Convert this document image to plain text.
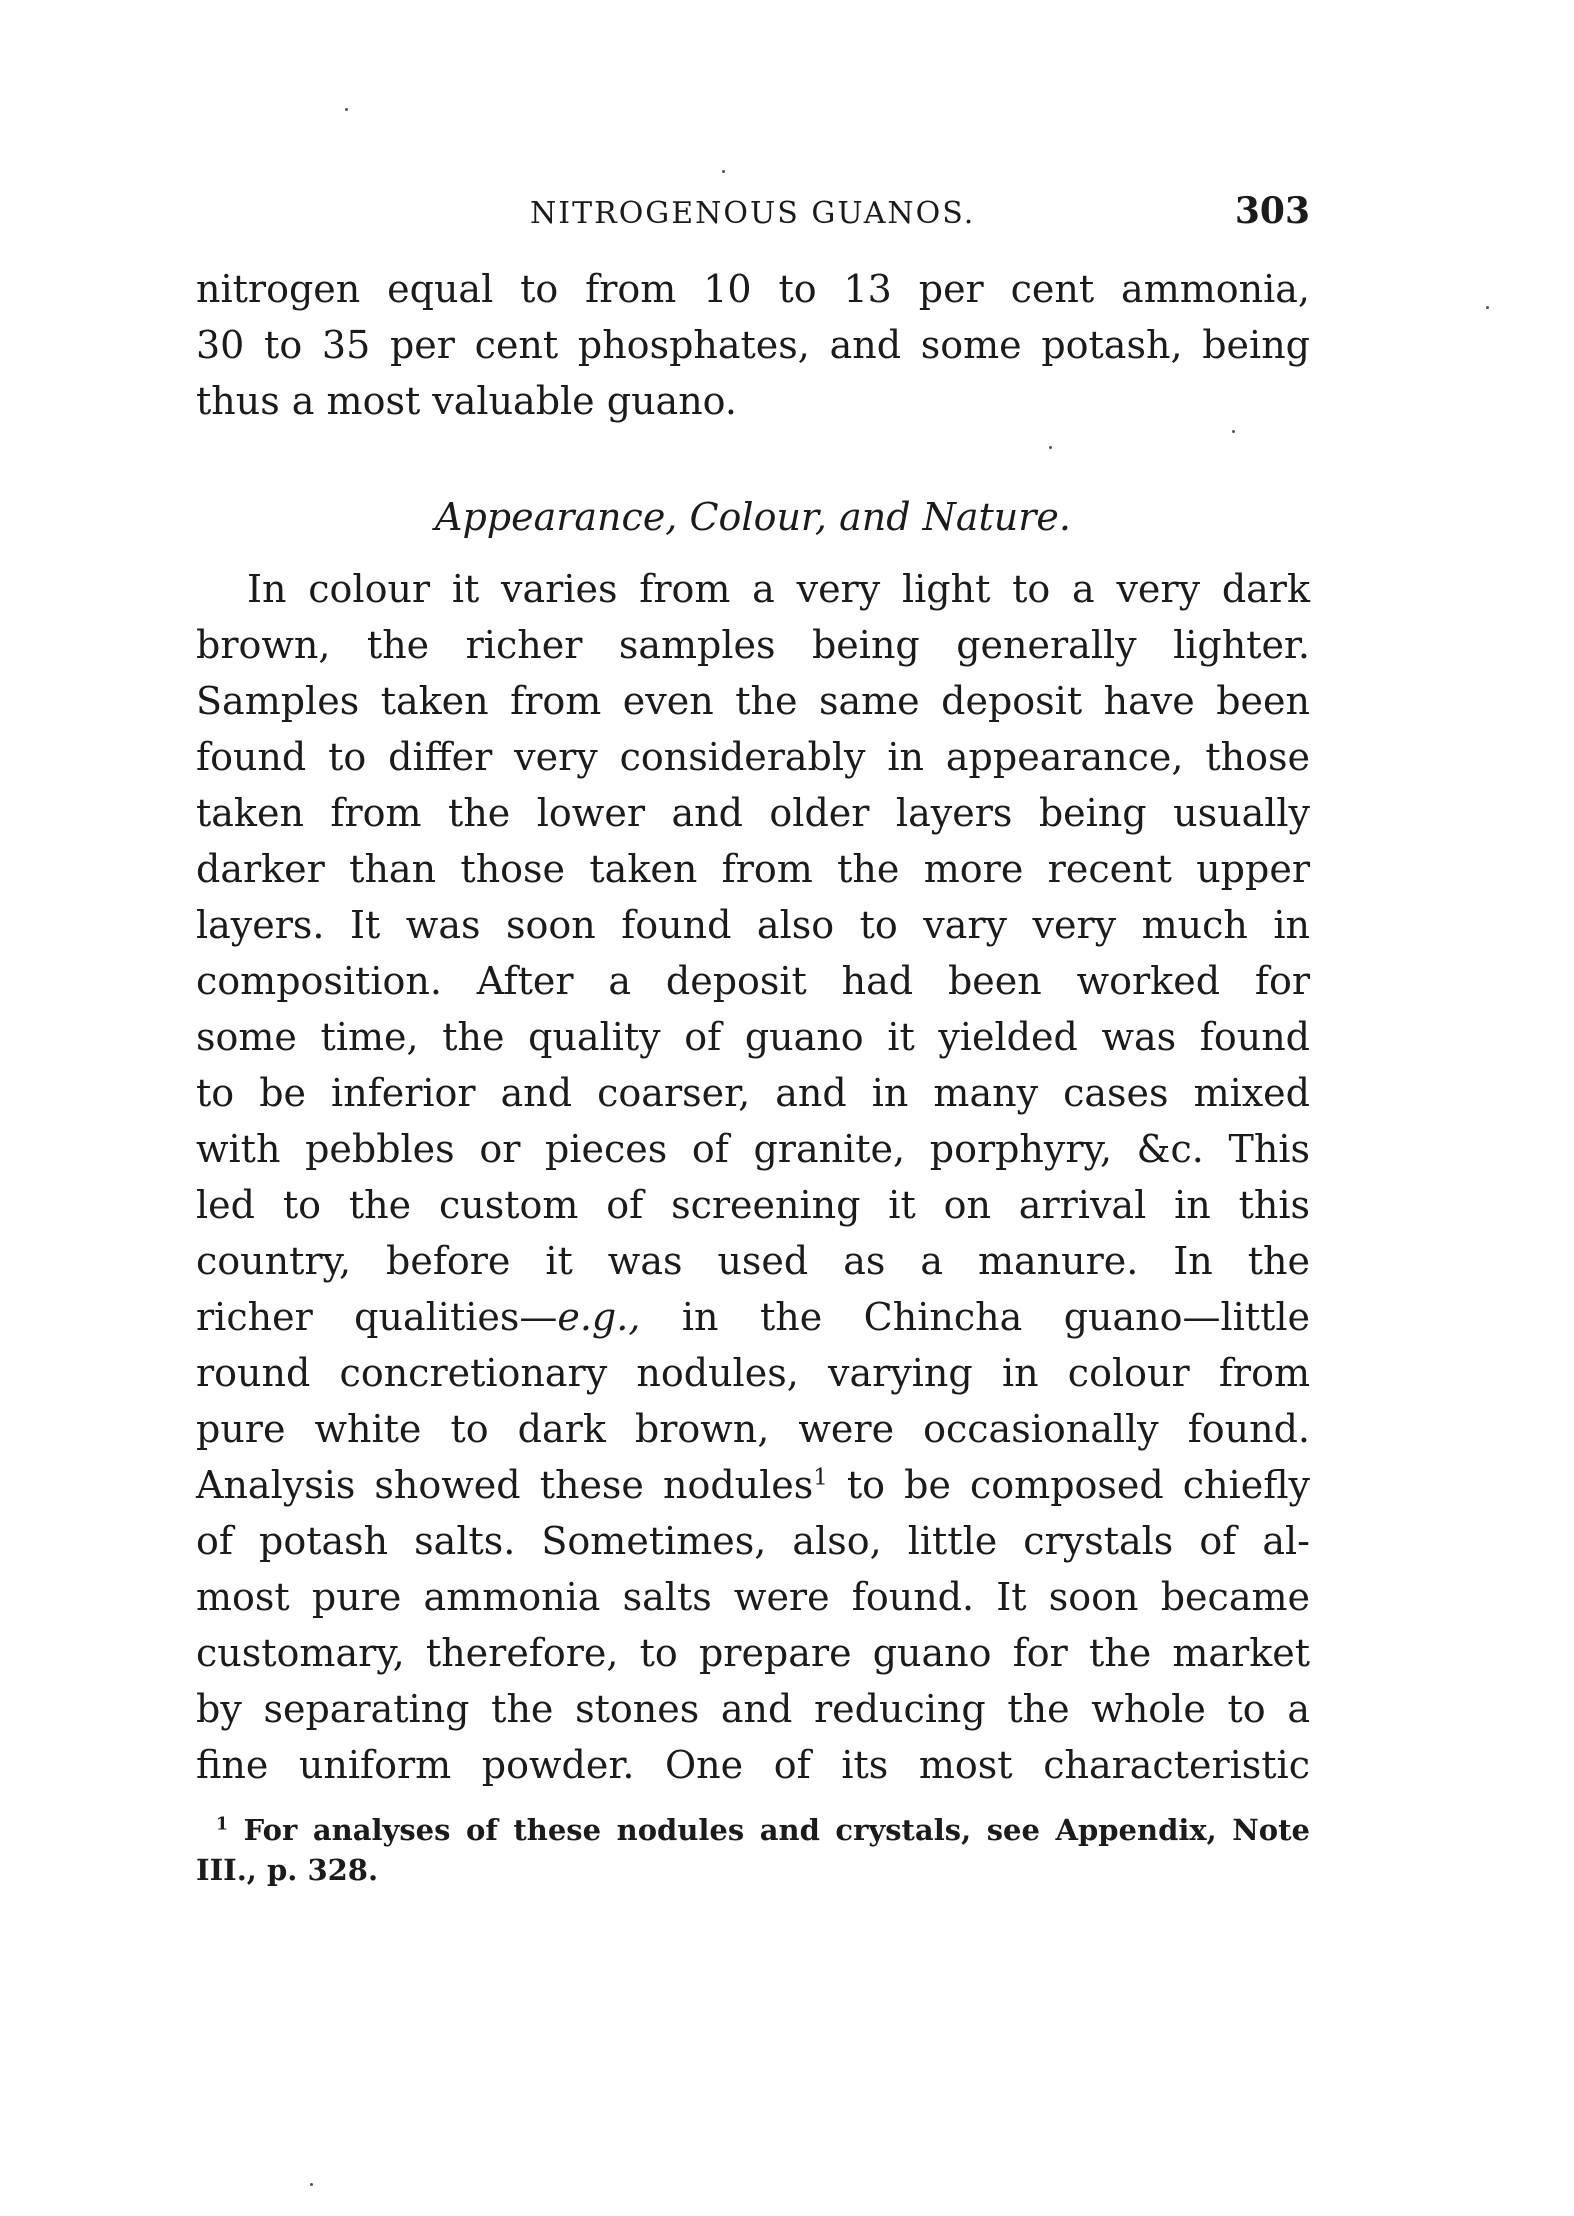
NITROGENOUS GUANOS.	303
nitrogen equal to from 10 to 13 per cent ammonia,
30 to 35 per cent phosphates, and some potash, being
thus a most valuable guano.
Appearance, Colour, and Nature.
In colour it varies from a very light to a very dark
brown, the richer samples being generally lighter.
Samples taken from even the same deposit have been
found to differ very considerably in appearance, those
taken from the lower and older layers being usually
darker than those taken from the more recent upper
layers. It was soon found also to vary very much in
composition. After a deposit had been worked for
some time, the quality of guano it yielded was found
to be inferior and coarser, and in many cases mixed
with pebbles or pieces of granite, porphyry, &c. This
led to the custom of screening it on arrival in this
country, before it was used as a manure. In the
richer qualities—e.g., in the Chincha guano—little
round concretionary nodules, varying in colour from
pure white to dark brown, were occasionally found.
Analysis showed these nodules$^1$ to be composed chiefly
of potash salts. Sometimes, also, little crystals of al-
most pure ammonia salts were found. It soon became
customary, therefore, to prepare guano for the market
by separating the stones and reducing the whole to a
fine uniform powder. One of its most characteristic
$^1$ For analyses of these nodules and crystals, see Appendix, Note
III., p. 328.
